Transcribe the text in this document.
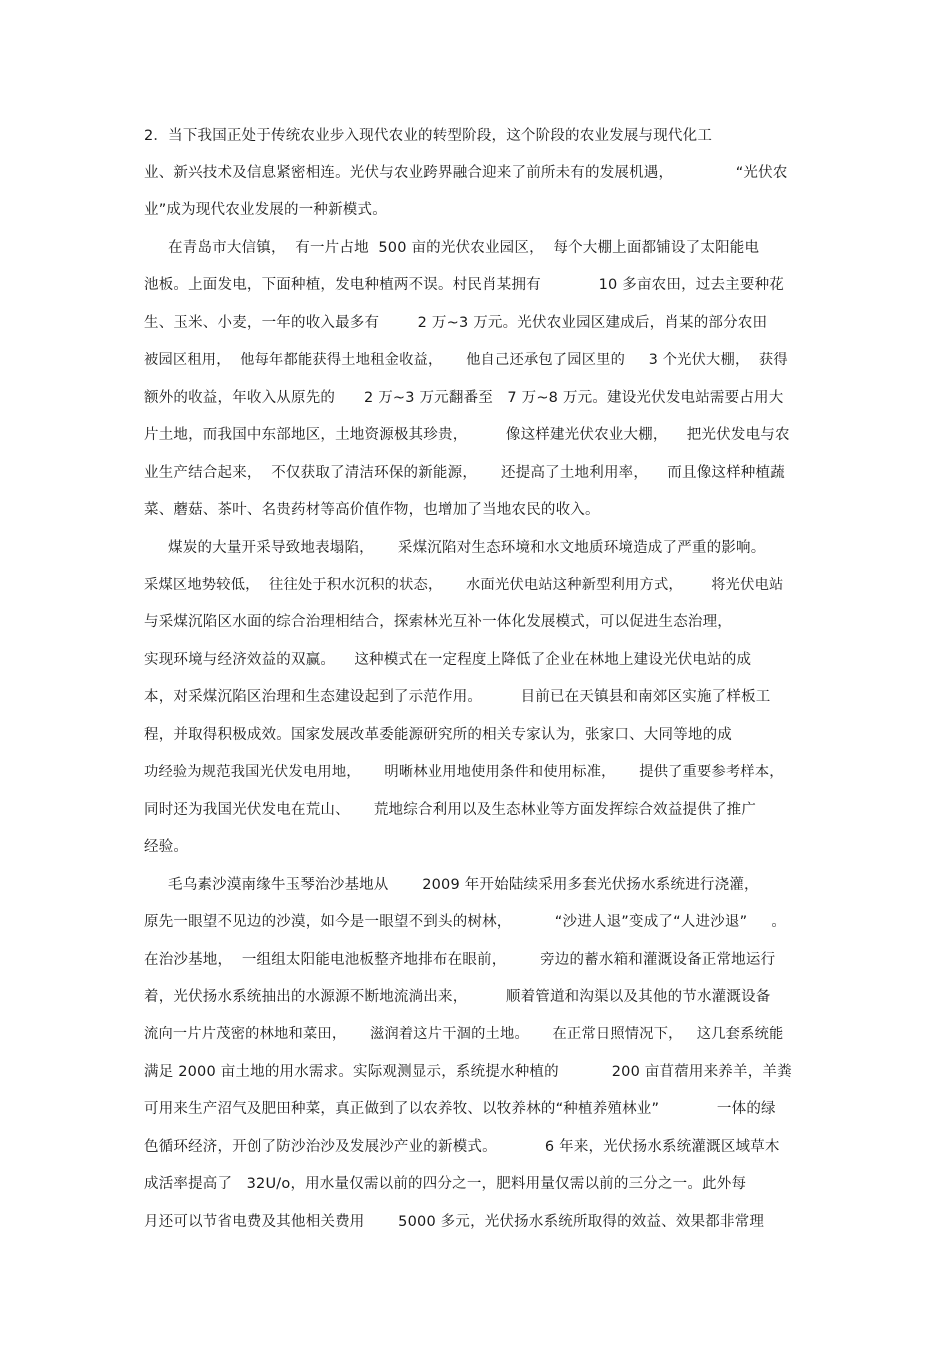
2．当下我国正处于传统农业步入现代农业的转型阶段，这个阶段的农业发展与现代化工
业、新兴技术及信息紧密相连。光伏与农业跨界融合迎来了前所未有的发展机遇，             “光伏农
业”成为现代农业发展的一种新模式。
在青岛市大信镇，  有一片占地  500 亩的光伏农业园区，  每个大棚上面都铺设了太阳能电
池板。上面发电，下面种植，发电种植两不误。村民肖某拥有            10 多亩农田，过去主要种花
生、玉米、小麦，一年的收入最多有        2 万~3 万元。光伏农业园区建成后，肖某的部分农田
被园区租用，  他每年都能获得土地租金收益，     他自己还承包了园区里的     3 个光伏大棚，  获得
额外的收益，年收入从原先的      2 万~3 万元翻番至   7 万~8 万元。建设光伏发电站需要占用大
片土地，而我国中东部地区，土地资源极其珍贵，        像这样建光伏农业大棚，    把光伏发电与农
业生产结合起来，  不仅获取了清洁环保的新能源，     还提高了土地利用率，    而且像这样种植蔬
菜、蘑菇、茶叶、名贵药材等高价值作物，也增加了当地农民的收入。
煤炭的大量开采导致地表塌陷，     采煤沉陷对生态环境和水文地质环境造成了严重的影响。
采煤区地势较低，  往往处于积水沉积的状态，     水面光伏电站这种新型利用方式，      将光伏电站
与采煤沉陷区水面的综合治理相结合，探索林光互补一体化发展模式，可以促进生态治理，
实现环境与经济效益的双赢。    这种模式在一定程度上降低了企业在林地上建设光伏电站的成
本，对采煤沉陷区治理和生态建设起到了示范作用。        目前已在天镇县和南郊区实施了样板工
程，并取得积极成效。国家发展改革委能源研究所的相关专家认为，张家口、大同等地的成
功经验为规范我国光伏发电用地，     明晰林业用地使用条件和使用标准，     提供了重要参考样本，
同时还为我国光伏发电在荒山、     荒地综合利用以及生态林业等方面发挥综合效益提供了推广
经验。
毛乌素沙漠南缘牛玉琴治沙基地从       2009 年开始陆续采用多套光伏扬水系统进行浇灌，
原先一眼望不见边的沙漠，如今是一眼望不到头的树林，         “沙进人退”变成了“人进沙退”     。
在治沙基地，  一组组太阳能电池板整齐地排布在眼前，       旁边的蓄水箱和灌溉设备正常地运行
着，光伏扬水系统抽出的水源源不断地流淌出来，        顺着管道和沟渠以及其他的节水灌溉设备
流向一片片茂密的林地和菜田，     滋润着这片干涸的土地。     在正常日照情况下，   这几套系统能
满足 2000 亩土地的用水需求。实际观测显示，系统提水种植的           200 亩苜蓿用来养羊，羊粪
可用来生产沼气及肥田种菜，真正做到了以农养牧、以牧养林的“种植养殖林业”            一体的绿
色循环经济，开创了防沙治沙及发展沙产业的新模式。          6 年来，光伏扬水系统灌溉区域草木
成活率提高了   32U/o，用水量仅需以前的四分之一，肥料用量仅需以前的三分之一。此外每
月还可以节省电费及其他相关费用       5000 多元，光伏扬水系统所取得的效益、效果都非常理
